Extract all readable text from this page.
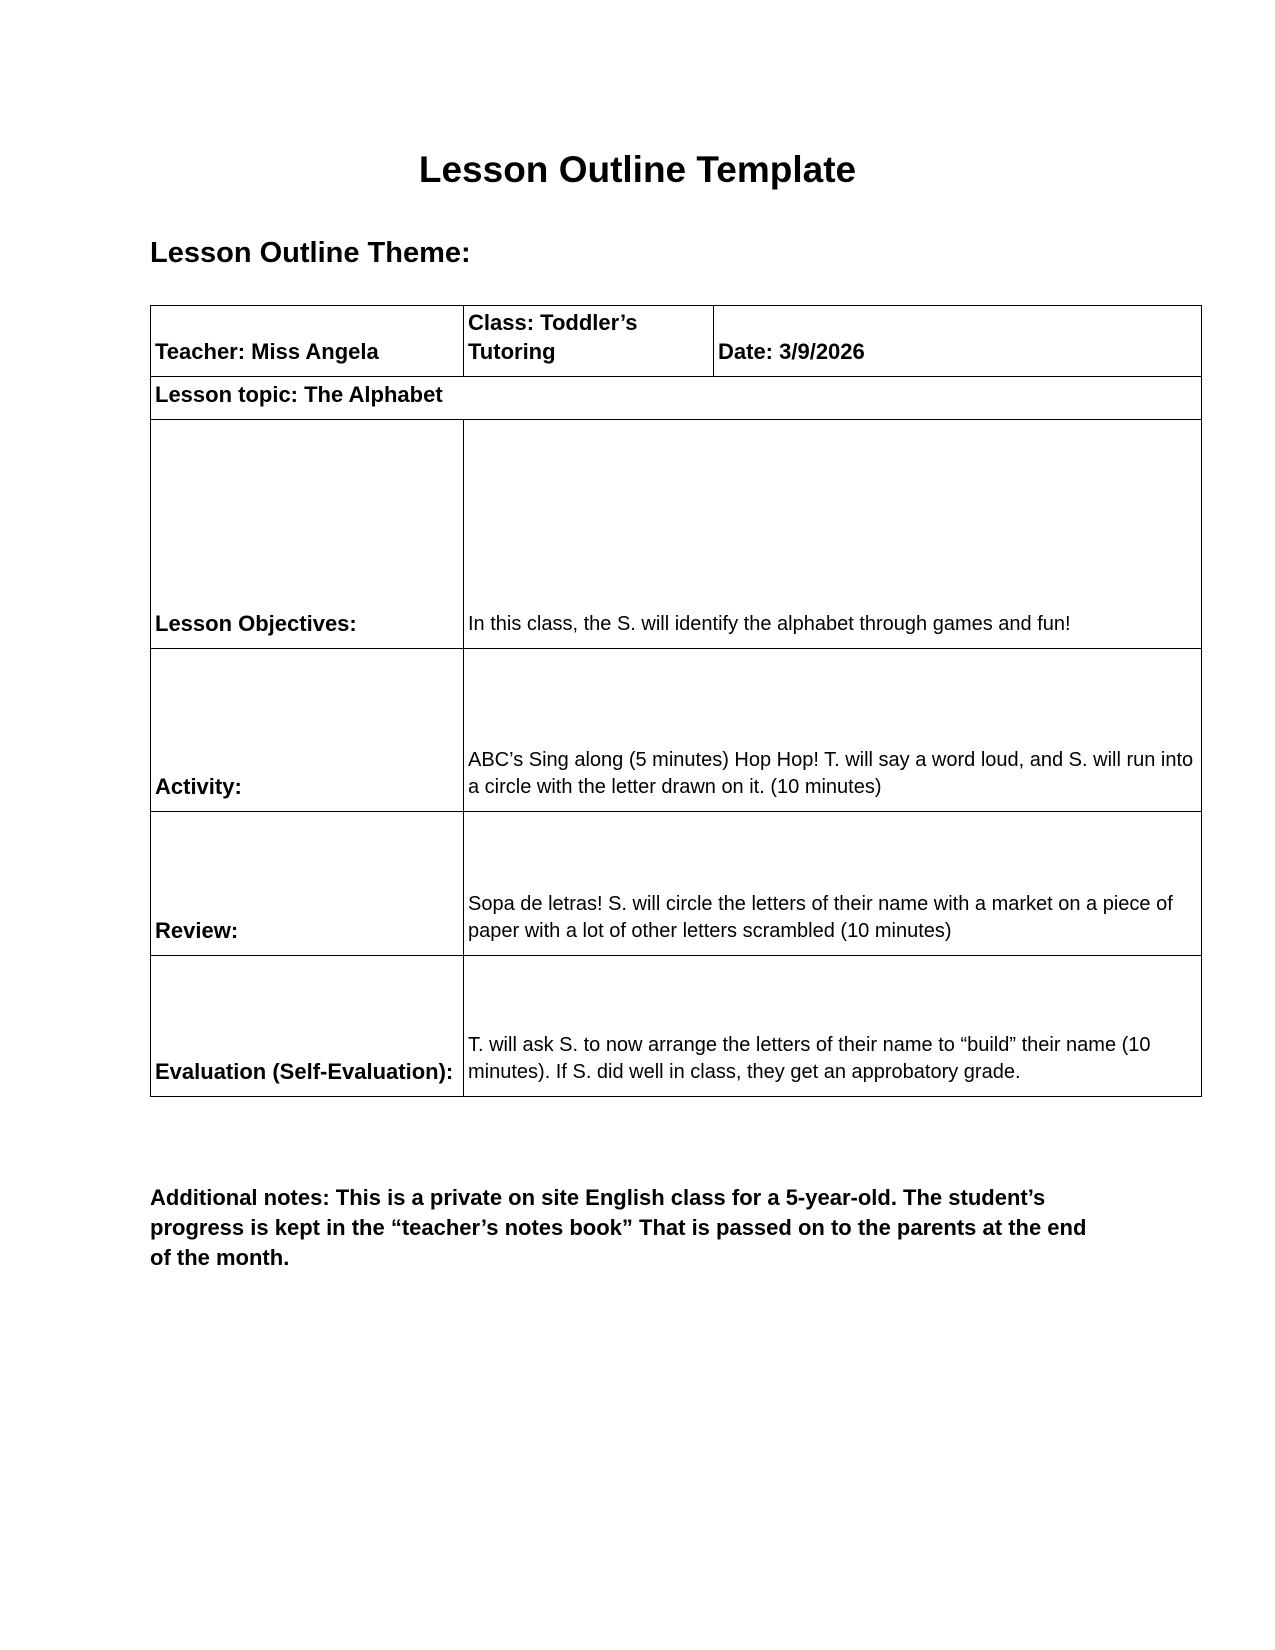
Lesson Outline Template
Lesson Outline Theme:
Teacher: Miss Angela	Class: Toddler’s Tutoring	Date: 3/9/2026
Lesson topic: The Alphabet		
Lesson Objectives:	In this class, the S. will identify the alphabet through games and fun!	
Activity:	ABC’s Sing along (5 minutes) Hop Hop! T. will say a word loud, and S. will run into a circle with the letter drawn on it. (10 minutes)	
Review:	Sopa de letras! S. will circle the letters of their name with a market on a piece of paper with a lot of other letters scrambled (10 minutes)	
Evaluation (Self-Evaluation):	T. will ask S. to now arrange the letters of their name to “build” their name (10 minutes). If S. did well in class, they get an approbatory grade.	

Additional notes: This is a private on site English class for a 5-year-old. The student’s progress is kept in the “teacher’s notes book” That is passed on to the parents at the end of the month.
